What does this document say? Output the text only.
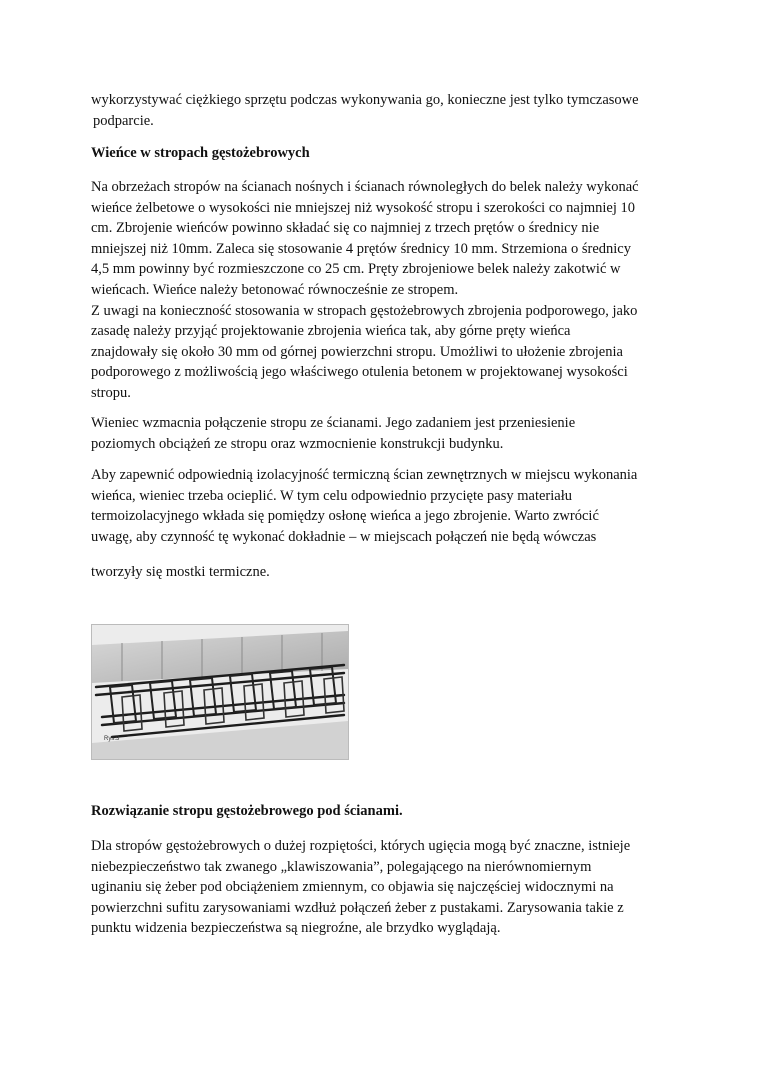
wykorzystywać ciężkiego sprzętu podczas wykonywania go, konieczne jest tylko tymczasowe
podparcie.
Wieńce w stropach gęstożebrowych
Na obrzeżach stropów na ścianach nośnych i ścianach równoległych do belek należy wykonać
wieńce żelbetowe o wysokości nie mniejszej niż wysokość stropu i szerokości co najmniej 10
cm. Zbrojenie wieńców powinno składać się co najmniej z trzech prętów o średnicy nie
mniejszej niż 10mm. Zaleca się stosowanie 4 prętów średnicy 10 mm. Strzemiona o średnicy
4,5 mm powinny być rozmieszczone co 25 cm. Pręty zbrojeniowe belek należy zakotwić w
wieńcach. Wieńce należy betonować równocześnie ze stropem.
Z uwagi na konieczność stosowania w stropach gęstożebrowych zbrojenia podporowego, jako
zasadę należy przyjąć projektowanie zbrojenia wieńca tak, aby górne pręty wieńca
znajdowały się około 30 mm od górnej powierzchni stropu. Umożliwi to ułożenie zbrojenia
podporowego z możliwością jego właściwego otulenia betonem w projektowanej wysokości
stropu.
Wieniec wzmacnia połączenie stropu ze ścianami. Jego zadaniem jest przeniesienie
poziomych obciążeń ze stropu oraz wzmocnienie konstrukcji budynku.
Aby zapewnić odpowiednią izolacyjność termiczną ścian zewnętrznych w miejscu wykonania
wieńca, wieniec trzeba ocieplić. W tym celu odpowiednio przycięte pasy materiału
termoizolacyjnego wkłada się pomiędzy osłonę wieńca a jego zbrojenie. Warto zwrócić
uwagę, aby czynność tę wykonać dokładnie – w miejscach połączeń nie będą wówczas
tworzyły się mostki termiczne.
Rys.3
Rozwiązanie stropu gęstożebrowego pod ścianami.
Dla stropów gęstożebrowych o dużej rozpiętości, których ugięcia mogą być znaczne, istnieje
niebezpieczeństwo tak zwanego „klawiszowania”, polegającego na nierównomiernym
uginaniu się żeber pod obciążeniem zmiennym, co objawia się najczęściej widocznymi na
powierzchni sufitu zarysowaniami wzdłuż połączeń żeber z pustakami. Zarysowania takie z
punktu widzenia bezpieczeństwa są niegroźne, ale brzydko wyglądają.
